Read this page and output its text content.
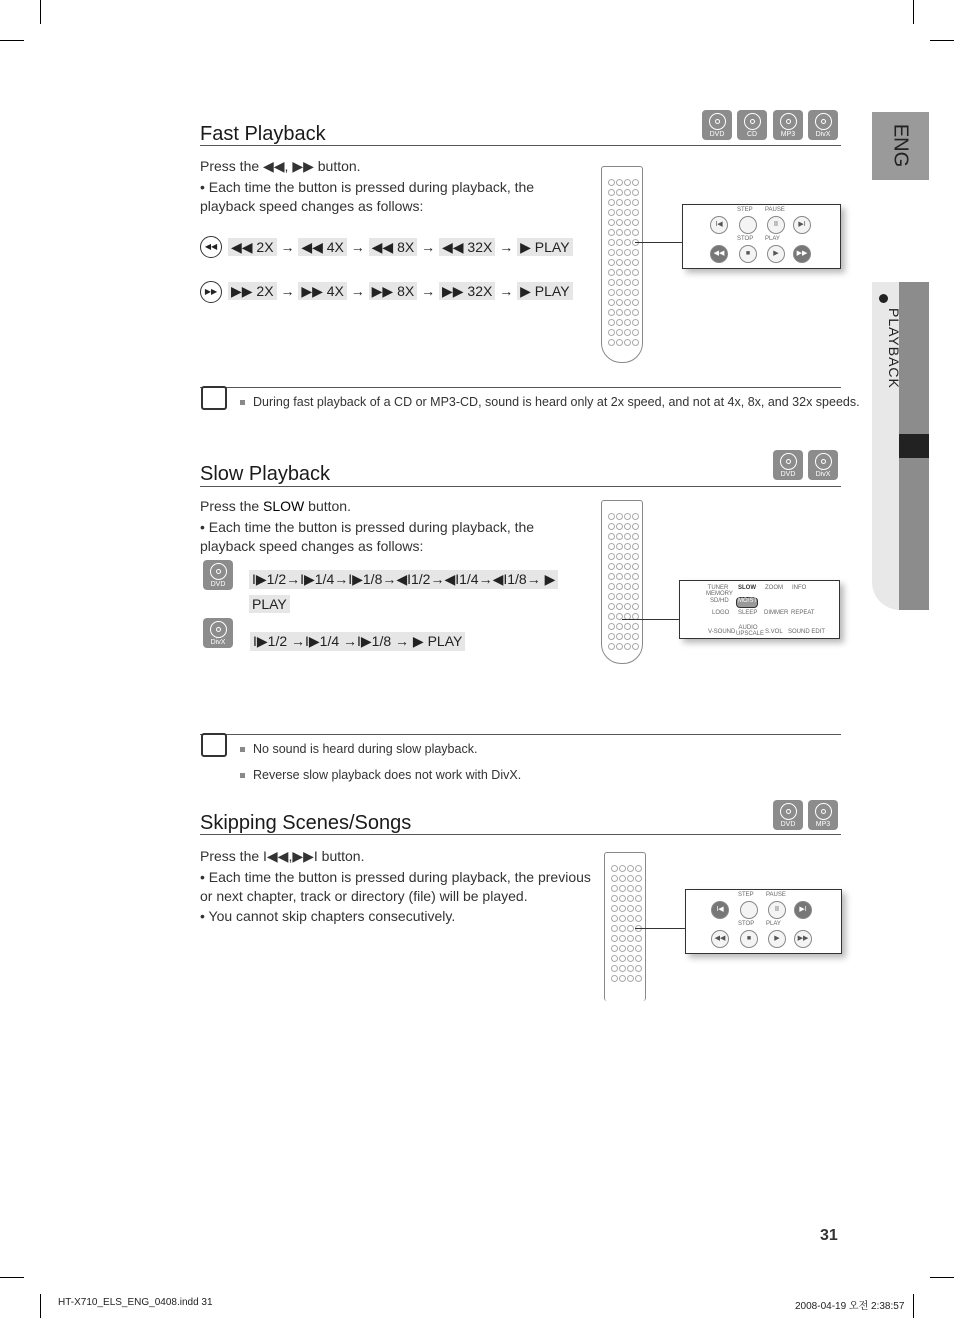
ENG
PLAYBACK
Fast Playback	DVD	CD	MP3	DivX
Press the ◀◀, ▶▶ button.
• Each time the button is pressed during playback, the playback speed changes as follows:
◀◀ ◀◀ 2X → ◀◀ 4X → ◀◀ 8X → ◀◀ 32X → ▶ PLAY
▶▶ ▶▶ 2X → ▶▶ 4X → ▶▶ 8X → ▶▶ 32X → ▶ PLAY
STEP PAUSE
I◀	II	▶I
STOP PLAY
◀◀	■	▶	▶▶
During fast playback of a CD or MP3-CD, sound is heard only at 2x speed, and not at 4x, 8x, and 32x speeds.
Slow Playback	DVD	DivX
Press the SLOW button.
• Each time the button is pressed during playback, the playback speed changes as follows:
DVD	I▶1/2→I▶1/4→I▶1/8→◀I1/2→◀I1/4→◀I1/8→ ▶
PLAY
DivX	I▶1/2 →I▶1/4 →I▶1/8 → ▶ PLAY
TUNER MEMORY
SLOW ZOOM INFO
SD/HD MO/ST
LOGO SLEEP DIMMER REPEAT
V-SOUND
AUDIO UPSCALE S.VOL SOUND EDIT
No sound is heard during slow playback.
Reverse slow playback does not work with DivX.
Skipping Scenes/Songs	DVD	MP3
Press the I◀◀,▶▶I button.
• Each time the button is pressed during playback, the previous or next chapter, track or directory (file) will be played.
• You cannot skip chapters consecutively.
STEP PAUSE
I◀	II	▶I
STOP PLAY
◀◀	■	▶	▶▶
31
HT-X710_ELS_ENG_0408.indd 31	2008-04-19 오전 2:38:57
